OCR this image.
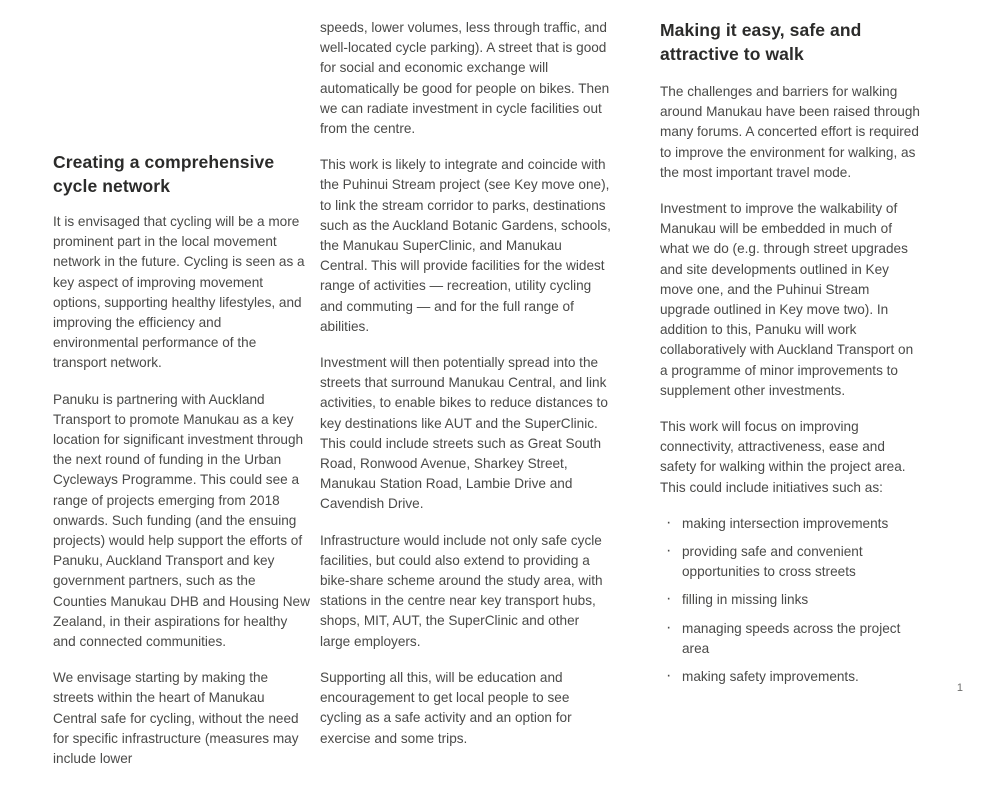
Creating a comprehensive cycle network

It is envisaged that cycling will be a more prominent part in the local movement network in the future. Cycling is seen as a key aspect of improving movement options, supporting healthy lifestyles, and improving the efficiency and environmental performance of the transport network.

Panuku is partnering with Auckland Transport to promote Manukau as a key location for significant investment through the next round of funding in the Urban Cycleways Programme. This could see a range of projects emerging from 2018 onwards. Such funding (and the ensuing projects) would help support the efforts of Panuku, Auckland Transport and key government partners, such as the Counties Manukau DHB and Housing New Zealand, in their aspirations for healthy and connected communities.

We envisage starting by making the streets within the heart of Manukau Central safe for cycling, without the need for specific infrastructure (measures may include lower

speeds, lower volumes, less through traffic, and well-located cycle parking). A street that is good for social and economic exchange will automatically be good for people on bikes. Then we can radiate investment in cycle facilities out from the centre.

This work is likely to integrate and coincide with the Puhinui Stream project (see Key move one), to link the stream corridor to parks, destinations such as the Auckland Botanic Gardens, schools, the Manukau SuperClinic, and Manukau Central. This will provide facilities for the widest range of activities — recreation, utility cycling and commuting — and for the full range of abilities.

Investment will then potentially spread into the streets that surround Manukau Central, and link activities, to enable bikes to reduce distances to key destinations like AUT and the SuperClinic. This could include streets such as Great South Road, Ronwood Avenue, Sharkey Street, Manukau Station Road, Lambie Drive and Cavendish Drive.

Infrastructure would include not only safe cycle facilities, but could also extend to providing a bike-share scheme around the study area, with stations in the centre near key transport hubs, shops, MIT, AUT, the SuperClinic and other large employers.

Supporting all this, will be education and encouragement to get local people to see cycling as a safe activity and an option for exercise and some trips.

Making it easy, safe and attractive to walk

The challenges and barriers for walking around Manukau have been raised through many forums. A concerted effort is required to improve the environment for walking, as the most important travel mode.

Investment to improve the walkability of Manukau will be embedded in much of what we do (e.g. through street upgrades and site developments outlined in Key move one, and the Puhinui Stream upgrade outlined in Key move two). In addition to this, Panuku will work collaboratively with Auckland Transport on a programme of minor improvements to supplement other investments.

This work will focus on improving connectivity, attractiveness, ease and safety for walking within the project area. This could include initiatives such as:

· making intersection improvements
· providing safe and convenient opportunities to cross streets
· filling in missing links
· managing speeds across the project area
· making safety improvements.
1
